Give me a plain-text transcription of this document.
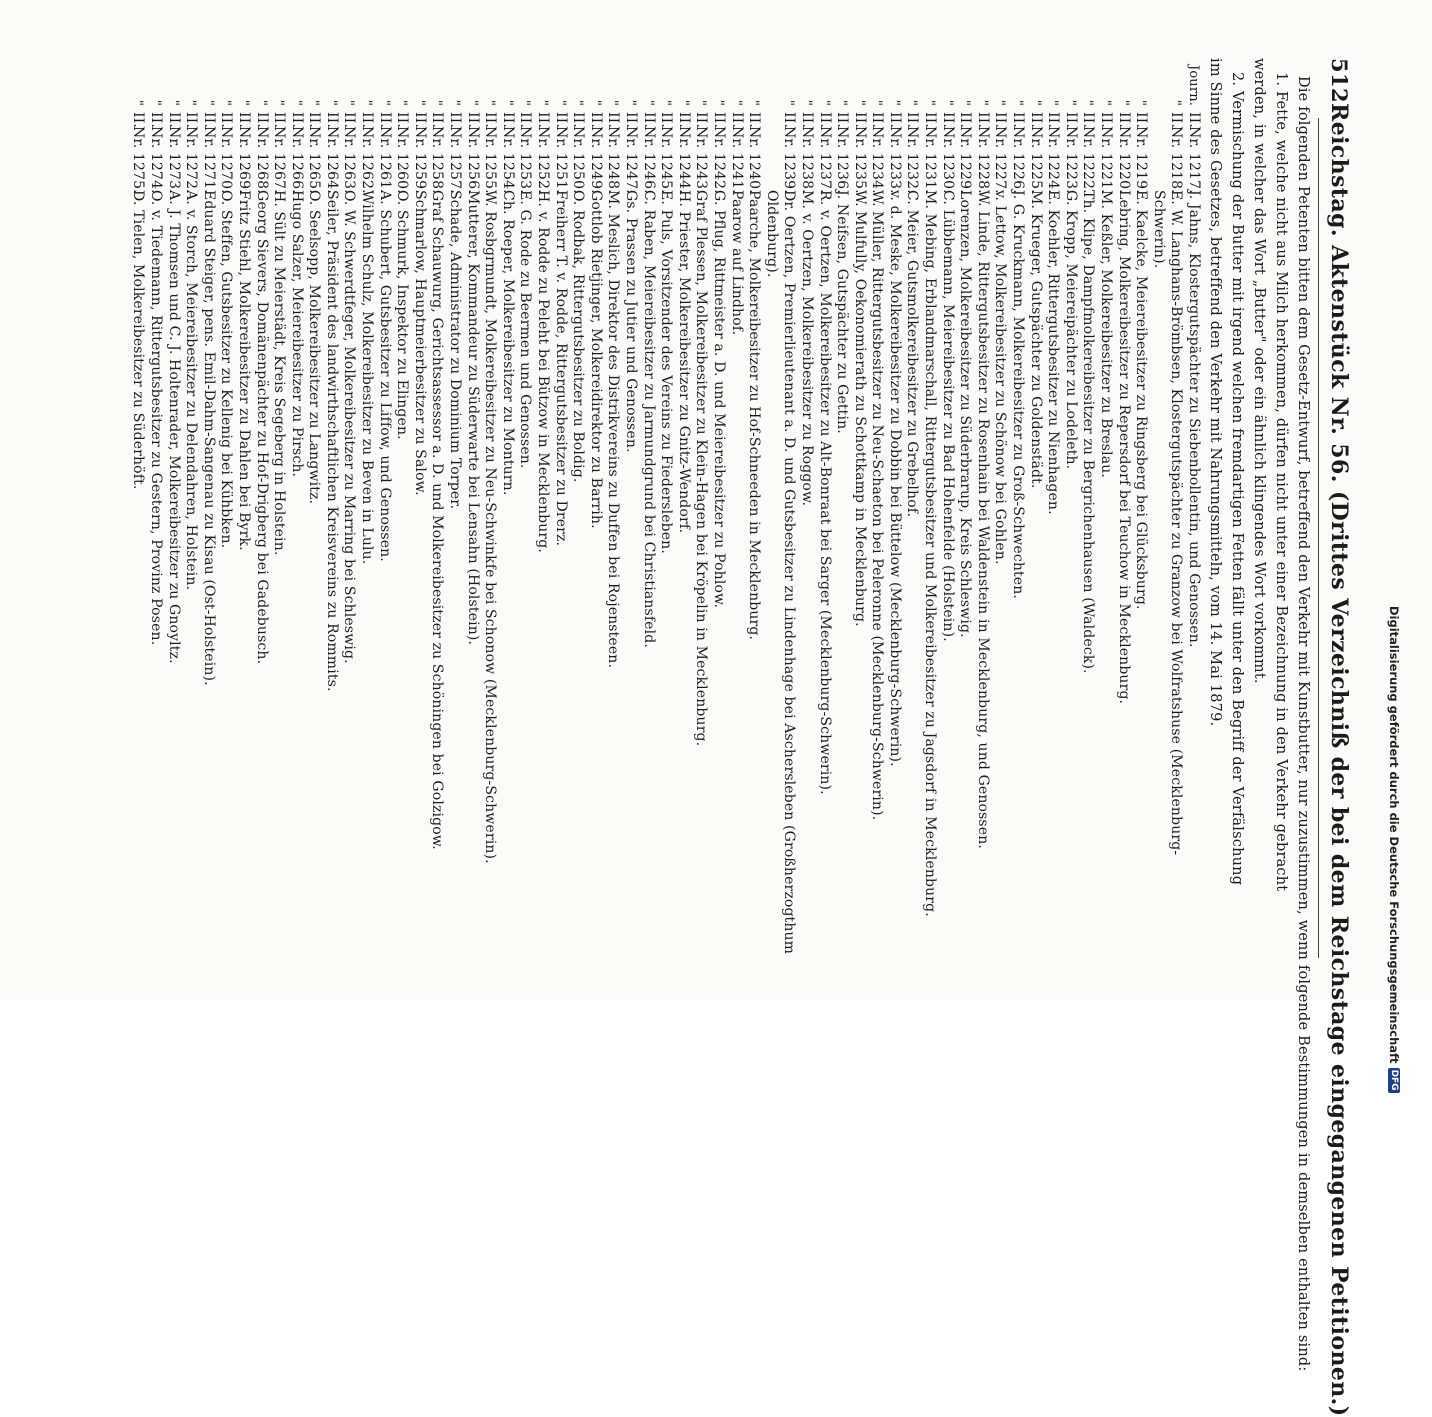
512
Reichstag. Aktenstück Nr. 56. (Drittes Verzeichniß der bei dem Reichstage eingegangenen Petitionen.)

Die folgenden Petenten bitten dem Gesetz-Entwurf, betreffend den Verkehr mit Kunstbutter, nur zuzustimmen, wenn folgende Bestimmungen in demselben enthalten sind:

1. Fette, welche nicht aus Milch herkommen, dürfen nicht unter einer Bezeichnung in den Verkehr gebracht
werden, in welcher das Wort „Butter" oder ein ähnlich klingendes Wort vorkommt.
2. Vermischung der Butter mit irgend welchen fremdartigen Fetten fällt unter den Begriff der Verfälschung
im Sinne des Gesetzes, betreffend den Verkehr mit Nahrungsmitteln, vom 14. Mai 1879.
Journ.
II.
Nr. 1217.
J. Jahns, Klostergutspächter zu Siebenbollentin, und Genossen.
"
II.
Nr. 1218.
E. W. Langhans-Brömbsen, Klostergutspächter zu Granzow bei Wolfratshuse (Mecklenburg-
Schwerin).
"
II.
Nr. 1219.
E. Kaelcke, Meiereibesitzer zu Ringsberg bei Glücksburg.
"
II.
Nr. 1220.
Lebring, Molkereibesitzer zu Repersdorf bei Teuchow in Mecklenburg.
"
II.
Nr. 1221.
M. Keßler, Molkereibesitzer zu Breslau.
"
II.
Nr. 1222.
Th. Klipe, Dampfmolkereibesitzer zu Bergrichenhausen (Waldeck).
"
II.
Nr. 1223.
G. Kropp, Meiereipächter zu Lodeleth.
"
II.
Nr. 1224.
E. Koehler, Rittergutsbesitzer zu Nienhagen.
"
II.
Nr. 1225.
M. Krueger, Gutspächter zu Goldenstädt.
"
II.
Nr. 1226.
J. G. Kruckmann, Molkereibesitzer zu Groß-Schwechten.
"
II.
Nr. 1227.
v. Lettow, Molkereibesitzer zu Schönow bei Gohlen.
"
II.
Nr. 1228.
W. Linde, Rittergutsbesitzer zu Rosenhain bei Waldenstein in Mecklenburg, und Genossen.
"
II.
Nr. 1229.
Lorenzen, Molkereibesitzer zu Süderbrarup, Kreis Schleswig.
"
II.
Nr. 1230.
C. Lübbemann, Meiereibesitzer zu Bad Hohenfelde (Holstein).
"
II.
Nr. 1231.
M. Mebing, Erblandmarschall, Rittergutsbesitzer und Molkereibesitzer zu Jagsdorf in Mecklenburg.
"
II.
Nr. 1232.
C. Meier, Gutsmolkereibesitzer zu Grebelhof.
"
II.
Nr. 1233.
v. d. Meske, Molkereibesitzer zu Dobbin bei Büttelow (Mecklenburg-Schwerin).
"
II.
Nr. 1234.
W. Müller, Rittergutsbesitzer zu Neu-Schaeton bei Peleronne (Mecklenburg-Schwerin).
"
II.
Nr. 1235.
W. Mulfully, Oekonomierath zu Schottkamp in Mecklenburg.
"
II.
Nr. 1236.
J. Neifsen, Gutspächter zu Gettin.
"
II.
Nr. 1237.
R. v. Oertzen, Molkereibesitzer zu Alt-Bonraat bei Sarger (Mecklenburg-Schwerin).
"
II.
Nr. 1238.
M. v. Oertzen, Molkereibesitzer zu Roggow.
"
II.
Nr. 1239.
Dr. Oertzen, Premierlieutenant a. D. und Gutsbesitzer zu Lindenhage bei Aschersleben (Großherzogthum
Oldenburg).
"
II.
Nr. 1240.
Paarche, Molkereibesitzer zu Hof-Schneeden in Mecklenburg.
"
II.
Nr. 1241.
Paarow auf Lindhof.
"
II.
Nr. 1242.
G. Pflug, Rittmeister a. D. und Meiereibesitzer zu Pohlow.
"
II.
Nr. 1243.
Graf Plessen, Molkereibesitzer zu Klein-Hagen bei Kröpelin in Mecklenburg.
"
II.
Nr. 1244.
H. Priester, Molkereibesitzer zu Gnitz-Wendorf.
"
II.
Nr. 1245.
E. Puls, Vorsitzender des Vereins zu Fiedersleben.
"
II.
Nr. 1246.
C. Raben, Meiereibesitzer zu Jarmundgrund bei Christiansfeld.
"
II.
Nr. 1247.
Gs. Prassen zu Jutier und Genossen.
"
II.
Nr. 1248.
M. Meslich, Direktor des Distrikvereins zu Duffen bei Rojensteen.
"
II.
Nr. 1249.
Gottlob Rietjinger, Molkereidirektor zu Barrih.
"
II.
Nr. 1250.
O. Rodbak, Rittergutsbesitzer zu Boldig.
"
II.
Nr. 1251.
Freiherr T. v. Rodde, Rittergutsbesitzer zu Drerz.
"
II.
Nr. 1252.
H. v. Rodde zu Peleht bei Bützow in Mecklenburg.
"
II.
Nr. 1253.
E. G. Rode zu Beermen und Genossen.
"
II.
Nr. 1254.
Ch. Roeper, Molkereibesitzer zu Monturn.
"
II.
Nr. 1255.
W. Rosbgrmundt, Molkereibesitzer zu Neu-Schwinkfe bei Schonow (Mecklenburg-Schwerin).
"
II.
Nr. 1256.
Mutterer, Kommandeur zu Süderwarte bei Lensahn (Holstein).
"
II.
Nr. 1257.
Schade, Administrator zu Dominium Torper.
"
II.
Nr. 1258.
Graf Schauwurg, Gerichtsassessor a. D. und Molkereibesitzer zu Schöningen bei Golzigow.
"
II.
Nr. 1259.
Schmarlow, Hauptmeierbesitzer zu Salow.
"
II.
Nr. 1260.
O. Schmurk, Inspektor zu Elingen.
"
II.
Nr. 1261.
A. Schubert, Gutsbesitzer zu Liffow, und Genossen.
"
II.
Nr. 1262.
Wilhelm Schulz, Molkereibesitzer zu Beven in Lulu.
"
II.
Nr. 1263.
O. W. Schwerdtfeger, Molkereibesitzer zu Marring bei Schleswig.
"
II.
Nr. 1264.
Seiler, Präsident des landwirthschaftlichen Kreisvereins zu Rommits.
"
II.
Nr. 1265.
O. Seelsopp, Molkereibesitzer zu Langwitz.
"
II.
Nr. 1266.
Hugo Salzer, Meiereibesitzer zu Pirsch.
"
II.
Nr. 1267.
H. Sült zu Meierstädt, Kreis Segeberg in Holstein.
"
II.
Nr. 1268.
Georg Sievers, Domänenpächter zu Hof-Drigberg bei Gadebusch.
"
II.
Nr. 1269.
Fritz Stiehl, Molkereibesitzer zu Dahlen bei Byrk.
"
II.
Nr. 1270.
O. Steffen, Gutsbesitzer zu Kellenig bei Kühbken.
"
II.
Nr. 1271.
Eduard Steiger, pens. Emil-Dahm-Sangenau zu Kisau (Ost-Holstein).
"
II.
Nr. 1272.
A. v. Storch, Meiereibesitzer zu Delendahren, Holstein.
"
II.
Nr. 1273.
A. J. Thomsen und C. J. Holtenrader, Molkereibesitzer zu Gnoyltz.
"
II.
Nr. 1274.
O. v. Tiedemann, Rittergutsbesitzer zu Gestern, Provinz Posen.
"
II.
Nr. 1275.
D. Tielen, Molkereibesitzer zu Süderhöft.
Digitalisierung gefördert durch die Deutsche Forschungsgemeinschaft
DFG
